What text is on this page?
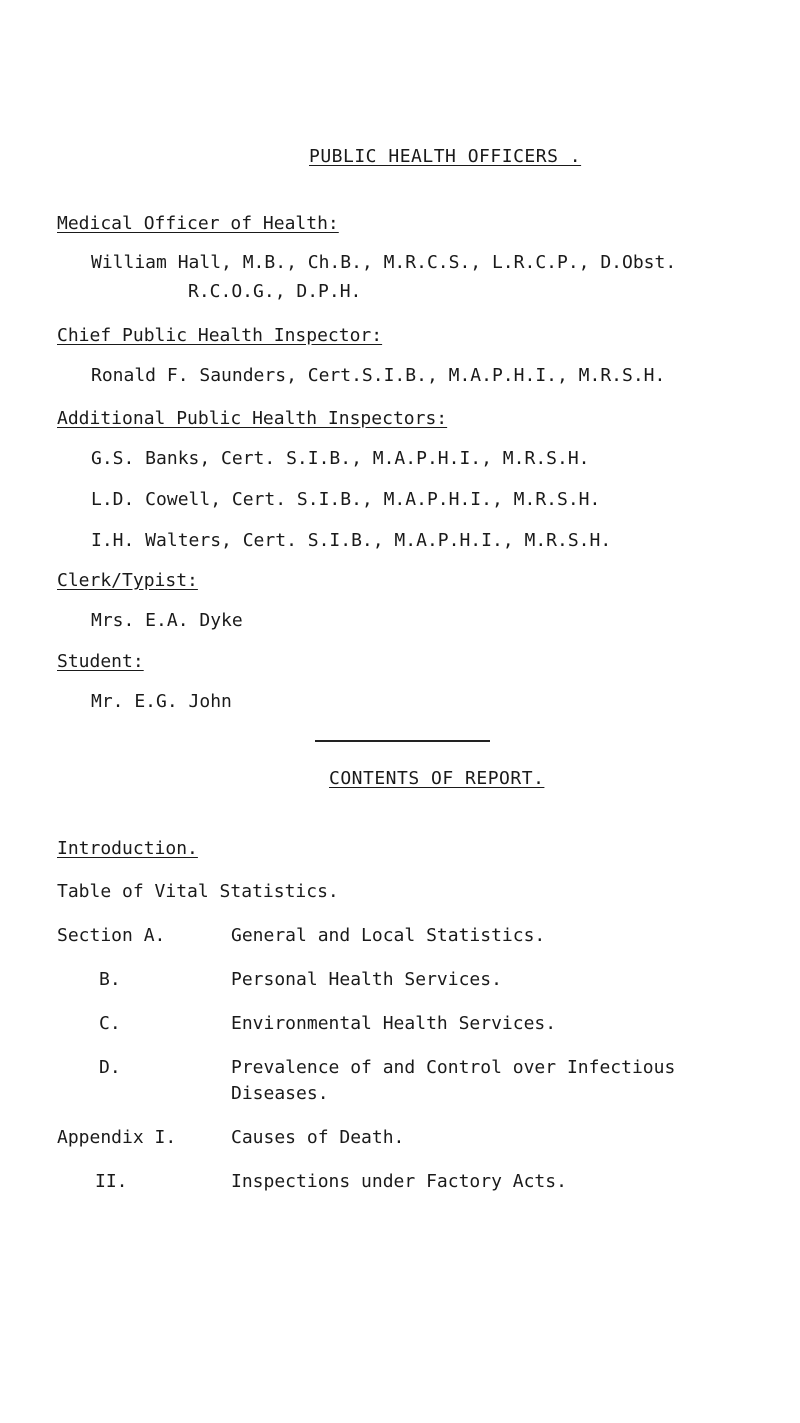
PUBLIC HEALTH OFFICERS .
Medical Officer of Health:
William Hall, M.B., Ch.B., M.R.C.S., L.R.C.P., D.Obst.
R.C.O.G., D.P.H.
Chief Public Health Inspector:
Ronald F. Saunders, Cert.S.I.B., M.A.P.H.I., M.R.S.H.
Additional Public Health Inspectors:
G.S. Banks, Cert. S.I.B., M.A.P.H.I., M.R.S.H.
L.D. Cowell, Cert. S.I.B., M.A.P.H.I., M.R.S.H.
I.H. Walters, Cert. S.I.B., M.A.P.H.I., M.R.S.H.
Clerk/Typist:
Mrs. E.A. Dyke
Student:
Mr. E.G. John
CONTENTS OF REPORT.
Introduction.
Table of Vital Statistics.
Section A.	General and Local Statistics.
B.	Personal Health Services.
C.	Environmental Health Services.
D.	Prevalence of and Control over Infectious
Diseases.
Appendix I.	Causes of Death.
II.	Inspections under Factory Acts.
